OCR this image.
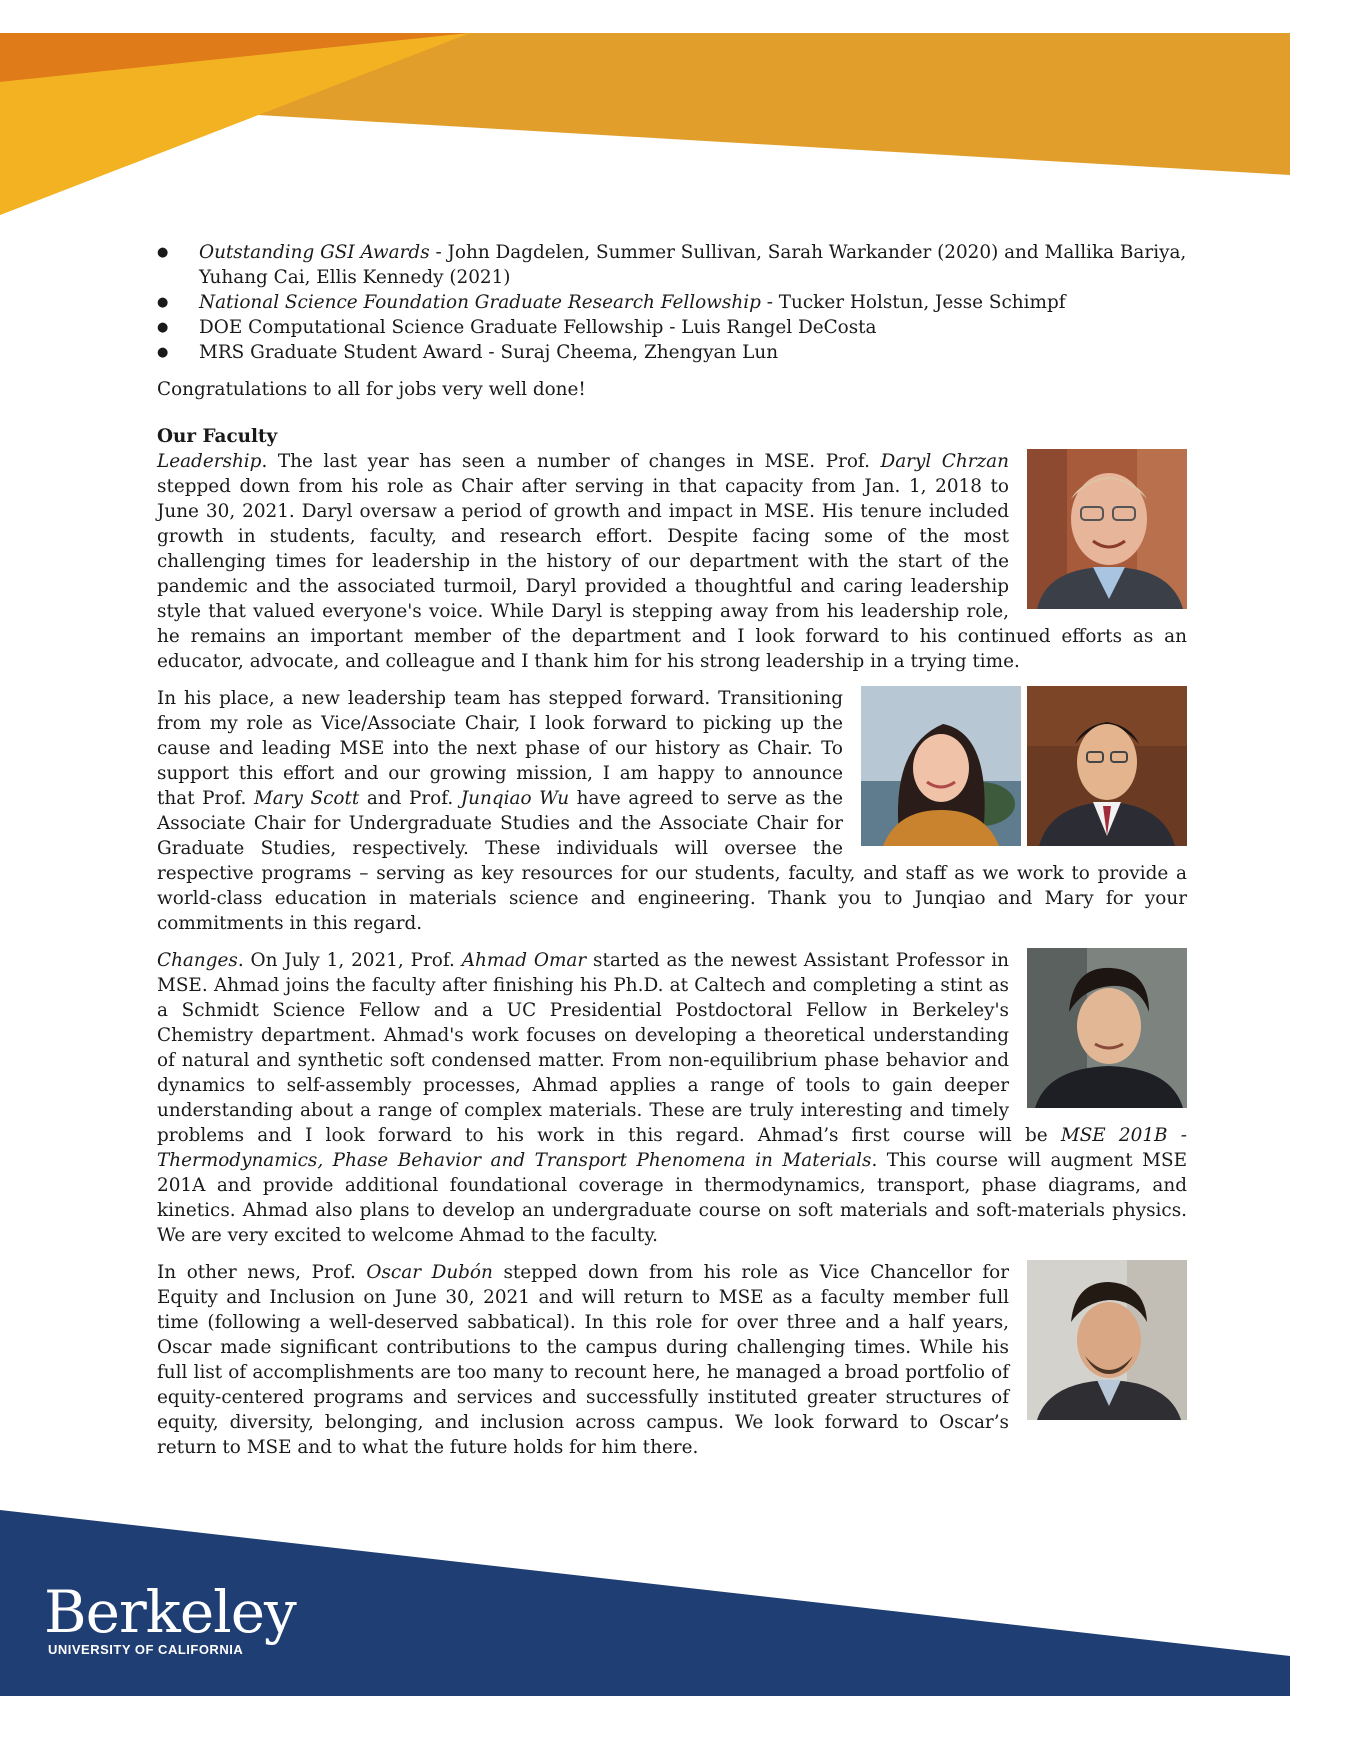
● Outstanding GSI Awards - John Dagdelen, Summer Sullivan, Sarah Warkander (2020) and Mallika Bariya, Yuhang Cai, Ellis Kennedy (2021)
● National Science Foundation Graduate Research Fellowship - Tucker Holstun, Jesse Schimpf
● DOE Computational Science Graduate Fellowship - Luis Rangel DeCosta
● MRS Graduate Student Award - Suraj Cheema, Zhengyan Lun

Congratulations to all for jobs very well done!

Our Faculty

Leadership. The last year has seen a number of changes in MSE. Prof. Daryl Chrzan stepped down from his role as Chair after serving in that capacity from Jan. 1, 2018 to June 30, 2021. Daryl oversaw a period of growth and impact in MSE. His tenure included growth in students, faculty, and research effort. Despite facing some of the most challenging times for leadership in the history of our department with the start of the pandemic and the associated turmoil, Daryl provided a thoughtful and caring leadership style that valued everyone's voice. While Daryl is stepping away from his leadership role, he remains an important member of the department and I look forward to his continued efforts as an educator, advocate, and colleague and I thank him for his strong leadership in a trying time.

In his place, a new leadership team has stepped forward. Transitioning from my role as Vice/Associate Chair, I look forward to picking up the cause and leading MSE into the next phase of our history as Chair. To support this effort and our growing mission, I am happy to announce that Prof. Mary Scott and Prof. Junqiao Wu have agreed to serve as the Associate Chair for Undergraduate Studies and the Associate Chair for Graduate Studies, respectively. These individuals will oversee the respective programs – serving as key resources for our students, faculty, and staff as we work to provide a world-class education in materials science and engineering. Thank you to Junqiao and Mary for your commitments in this regard.

Changes. On July 1, 2021, Prof. Ahmad Omar started as the newest Assistant Professor in MSE. Ahmad joins the faculty after finishing his Ph.D. at Caltech and completing a stint as a Schmidt Science Fellow and a UC Presidential Postdoctoral Fellow in Berkeley's Chemistry department. Ahmad's work focuses on developing a theoretical understanding of natural and synthetic soft condensed matter. From non-equilibrium phase behavior and dynamics to self-assembly processes, Ahmad applies a range of tools to gain deeper understanding about a range of complex materials. These are truly interesting and timely problems and I look forward to his work in this regard. Ahmad’s first course will be MSE 201B - Thermodynamics, Phase Behavior and Transport Phenomena in Materials. This course will augment MSE 201A and provide additional foundational coverage in thermodynamics, transport, phase diagrams, and kinetics. Ahmad also plans to develop an undergraduate course on soft materials and soft-materials physics. We are very excited to welcome Ahmad to the faculty.

In other news, Prof. Oscar Dubón stepped down from his role as Vice Chancellor for Equity and Inclusion on June 30, 2021 and will return to MSE as a faculty member full time (following a well-deserved sabbatical). In this role for over three and a half years, Oscar made significant contributions to the campus during challenging times. While his full list of accomplishments are too many to recount here, he managed a broad portfolio of equity-centered programs and services and successfully instituted greater structures of equity, diversity, belonging, and inclusion across campus. We look forward to Oscar’s return to MSE and to what the future holds for him there.

Berkeley
UNIVERSITY OF CALIFORNIA
